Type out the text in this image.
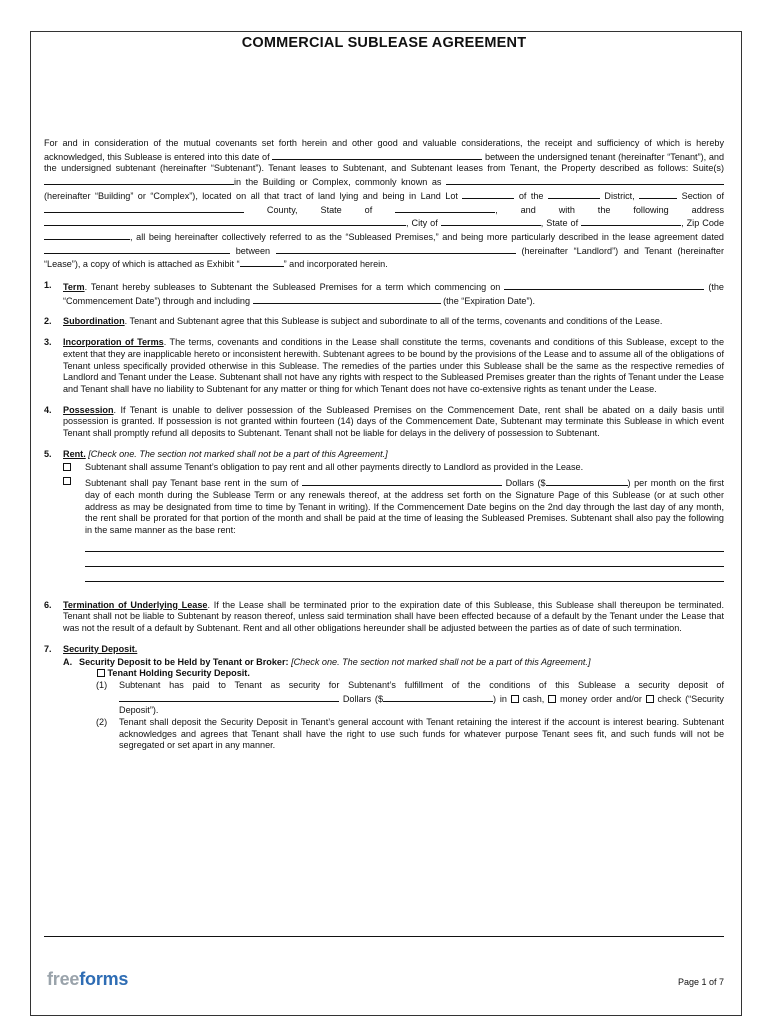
COMMERCIAL SUBLEASE AGREEMENT
For and in consideration of the mutual covenants set forth herein and other good and valuable considerations, the receipt and sufficiency of which is hereby acknowledged, this Sublease is entered into this date of	between the undersigned tenant (hereinafter “Tenant”), and the undersigned subtenant (hereinafter “Subtenant”). Tenant leases to Subtenant, and Subtenant leases from Tenant, the Property described as follows: Suite(s) in the Building or Complex, commonly known as  (hereinafter “Building” or “Complex”), located on all that tract of land lying and being in Land Lot	of the	District,	Section of  County, State of	, and with the following address , City of	, State of	, Zip Code , all being hereinafter collectively referred to as the “Subleased Premises,” and being more particularly described in the lease agreement dated  between	(hereinafter “Landlord”) and Tenant (hereinafter “Lease”), a copy of which is attached as Exhibit “	” and incorporated herein.
1. Term. Tenant hereby subleases to Subtenant the Subleased Premises for a term which commencing on	(the “Commencement Date”) through and including	(the “Expiration Date”).
2. Subordination. Tenant and Subtenant agree that this Sublease is subject and subordinate to all of the terms, covenants and conditions of the Lease.
3. Incorporation of Terms. The terms, covenants and conditions in the Lease shall constitute the terms, covenants and conditions of this Sublease, except to the extent that they are inapplicable hereto or inconsistent herewith. Subtenant agrees to be bound by the provisions of the Lease and to assume all of the obligations of Tenant unless specifically provided otherwise in this Sublease. The remedies of the parties under this Sublease shall be the same as the respective remedies of Landlord and Tenant under the Lease. Subtenant shall not have any rights with respect to the Subleased Premises greater than the rights of Tenant under the Lease and Tenant shall have no liability to Subtenant for any matter or thing for which Tenant does not have co-extensive rights as tenant under the Lease.
4. Possession. If Tenant is unable to deliver possession of the Subleased Premises on the Commencement Date, rent shall be abated on a daily basis until possession is granted. If possession is not granted within fourteen (14) days of the Commencement Date, Subtenant may terminate this Sublease in which event Tenant shall promptly refund all deposits to Subtenant. Tenant shall not be liable for delays in the delivery of possession to Subtenant.
5. Rent. [Check one. The section not marked shall not be a part of this Agreement.]
Subtenant shall assume Tenant’s obligation to pay rent and all other payments directly to Landlord as provided in the Lease.
Subtenant shall pay Tenant base rent in the sum of	Dollars ($	) per month on the first day of each month during the Sublease Term or any renewals thereof, at the address set forth on the Signature Page of this Sublease (or at such other address as may be designated from time to time by Tenant in writing). If the Commencement Date begins on the 2nd day through the last day of any month, the rent shall be prorated for that portion of the month and shall be paid at the time of leasing the Subleased Premises. Subtenant shall also pay the following in the same manner as the base rent:
6. Termination of Underlying Lease. If the Lease shall be terminated prior to the expiration date of this Sublease, this Sublease shall thereupon be terminated. Tenant shall not be liable to Subtenant by reason thereof, unless said termination shall have been effected because of a default by the Tenant under the Lease that was not the result of a default by Subtenant. Rent and all other obligations hereunder shall be adjusted between the parties as of date of such termination.
7. Security Deposit.
A. Security Deposit to be Held by Tenant or Broker: [Check one. The section not marked shall not be a part of this Agreement.]
Tenant Holding Security Deposit.
(1) Subtenant has paid to Tenant as security for Subtenant’s fulfillment of the conditions of this Sublease a security deposit of  Dollars ($	) in cash, money order and/or check (“Security Deposit”).
(2) Tenant shall deposit the Security Deposit in Tenant’s general account with Tenant retaining the interest if the account is interest bearing. Subtenant acknowledges and agrees that Tenant shall have the right to use such funds for whatever purpose Tenant sees fit, and such funds will not be segregated or set apart in any manner.
freeforms	Page 1 of 7
